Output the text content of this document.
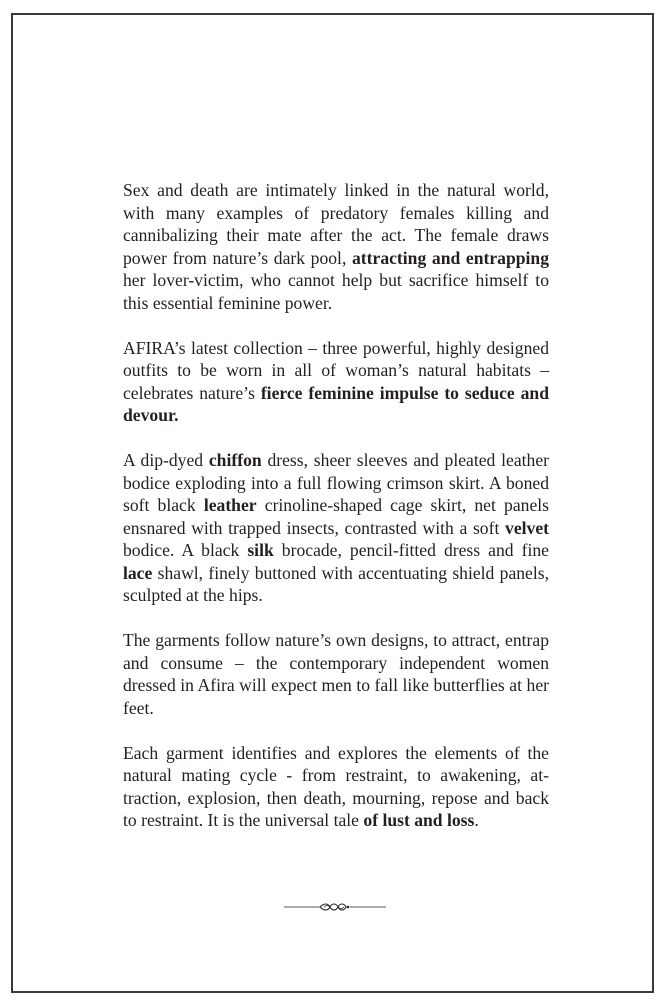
Sex and death are intimately linked in the natural world, with many examples of predatory females killing and cannibalizing their mate after the act. The female draws power from nature’s dark pool, attracting and entrapping her lover-victim, who cannot help but sacrifice himself to this essential feminine power.

AFIRA’s latest collection – three powerful, highly designed outfits to be worn in all of woman’s natural habitats – celebrates nature’s fierce feminine impulse to seduce and devour.

A dip-dyed chiffon dress, sheer sleeves and pleated leather bodice exploding into a full flowing crimson skirt. A boned soft black leather crinoline-shaped cage skirt, net panels ensnared with trapped insects, contrasted with a soft velvet bodice. A black silk brocade, pencil-fitted dress and fine lace shawl, finely buttoned with accentuating shield panels, sculpted at the hips.

The garments follow nature’s own designs, to attract, entrap and consume – the contemporary independent women dressed in Afira will expect men to fall like butterflies at her feet.

Each garment identifies and explores the elements of the natural mating cycle - from restraint, to awakening, attraction, explosion, then death, mourning, repose and back to restraint. It is the universal tale of lust and loss.
